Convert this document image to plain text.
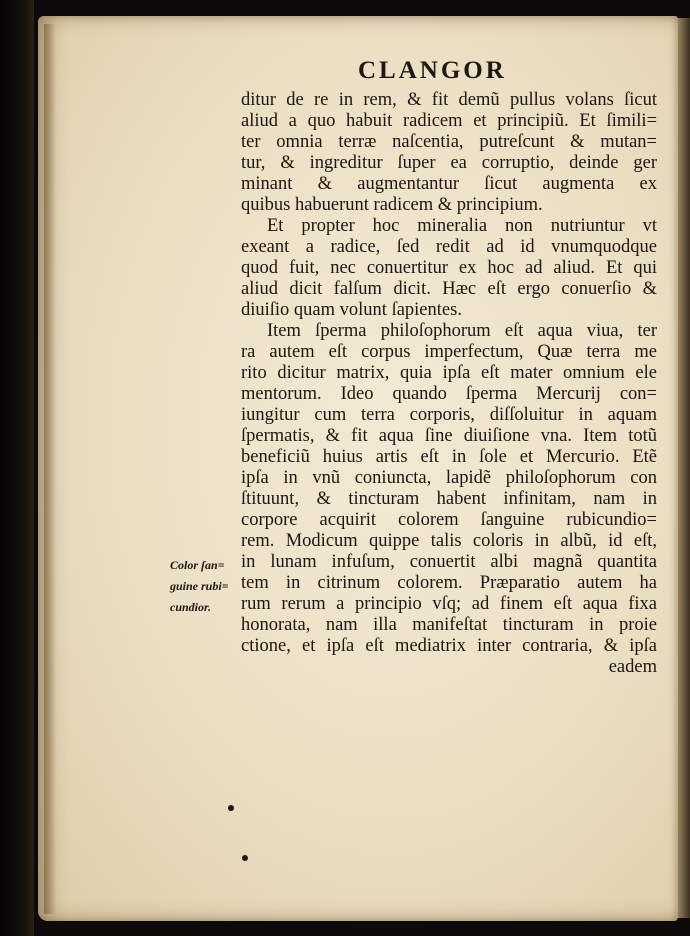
CLANGOR
Color ſan=
guine rubi=
cundior.
ditur de re in rem, & fit demũ pullus volans ſicut
aliud a quo habuit radicem et principiũ. Et ſimili=
ter omnia terræ naſcentia, putreſcunt & mutan=
tur, & ingreditur ſuper ea corruptio, deinde ger
minant & augmentantur ſicut augmenta ex
quibus habuerunt radicem & principium.
Et propter hoc mineralia non nutriuntur vt
exeant a radice, ſed redit ad id vnumquodque
quod fuit, nec conuertitur ex hoc ad aliud. Et qui
aliud dicit falſum dicit. Hæc eſt ergo conuerſio &
diuiſio quam volunt ſapientes.
Item ſperma philoſophorum eſt aqua viua, ter
ra autem eſt corpus imperfectum, Quæ terra me
rito dicitur matrix, quia ipſa eſt mater omnium ele
mentorum. Ideo quando ſperma Mercurij con=
iungitur cum terra corporis, diſſoluitur in aquam
ſpermatis, & fit aqua ſine diuiſione vna. Item totũ
beneficiũ huius artis eſt in ſole et Mercurio. Etẽ
ipſa in vnũ coniuncta, lapidẽ philoſophorum con
ſtituunt, & tincturam habent infinitam, nam in
corpore acquirit colorem ſanguine rubicundio=
rem. Modicum quippe talis coloris in albũ, id eſt,
in lunam infuſum, conuertit albi magnã quantita
tem in citrinum colorem. Præparatio autem ha
rum rerum a principio vſq; ad finem eſt aqua fixa
honorata, nam illa manifeſtat tincturam in proie
ctione, et ipſa eſt mediatrix inter contraria, & ipſa
eadem
